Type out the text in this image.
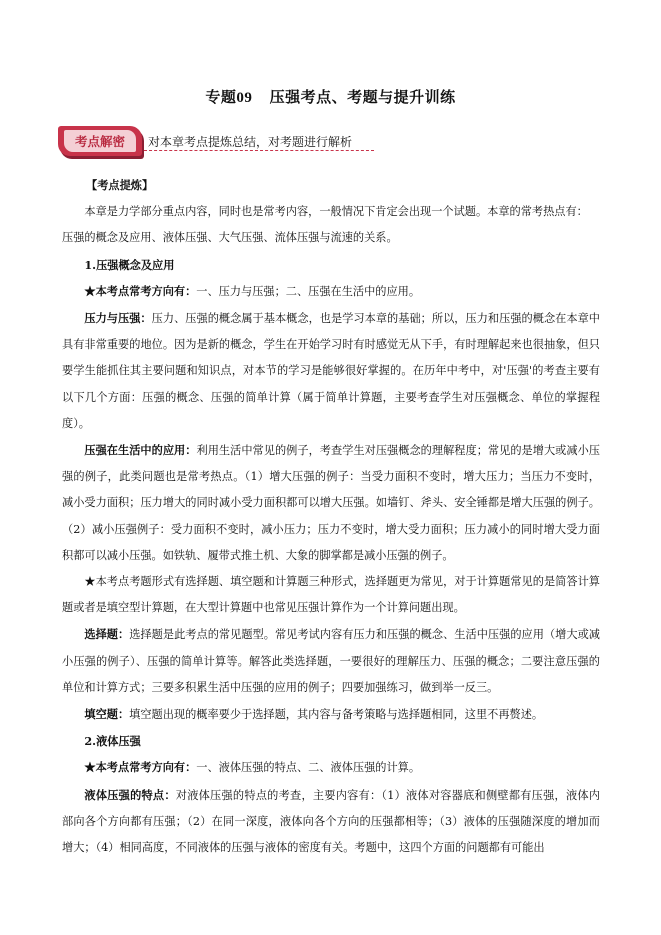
专题09 压强考点、考题与提升训练
考点解密	对本章考点提炼总结，对考题进行解析

【考点提炼】

本章是力学部分重点内容，同时也是常考内容，一般情况下肯定会出现一个试题。本章的常考热点有：

压强的概念及应用、液体压强、大气压强、流体压强与流速的关系。

1.压强概念及应用

★本考点常考方向有：一、压力与压强；二、压强在生活中的应用。

压力与压强：压力、压强的概念属于基本概念，也是学习本章的基础；所以，压力和压强的概念在本章中具有非常重要的地位。因为是新的概念，学生在开始学习时有时感觉无从下手，有时理解起来也很抽象，但只要学生能抓住其主要问题和知识点，对本节的学习是能够很好掌握的。在历年中考中，对'压强'的考查主要有以下几个方面：压强的概念、压强的简单计算（属于简单计算题，主要考查学生对压强概念、单位的掌握程度）。

压强在生活中的应用：利用生活中常见的例子，考查学生对压强概念的理解程度；常见的是增大或减小压强的例子，此类问题也是常考热点。（1）增大压强的例子：当受力面积不变时，增大压力；当压力不变时，减小受力面积；压力增大的同时减小受力面积都可以增大压强。如墙钉、斧头、安全锤都是增大压强的例子。（2）减小压强例子：受力面积不变时，减小压力；压力不变时，增大受力面积；压力减小的同时增大受力面积都可以减小压强。如铁轨、履带式推土机、大象的脚掌都是减小压强的例子。

★本考点考题形式有选择题、填空题和计算题三种形式，选择题更为常见，对于计算题常见的是简答计算题或者是填空型计算题，在大型计算题中也常见压强计算作为一个计算问题出现。

选择题：选择题是此考点的常见题型。常见考试内容有压力和压强的概念、生活中压强的应用（增大或减小压强的例子）、压强的简单计算等。解答此类选择题，一要很好的理解压力、压强的概念；二要注意压强的单位和计算方式；三要多积累生活中压强的应用的例子；四要加强练习，做到举一反三。

填空题：填空题出现的概率要少于选择题，其内容与备考策略与选择题相同，这里不再赘述。

2.液体压强

★本考点常考方向有：一、液体压强的特点、二、液体压强的计算。

液体压强的特点：对液体压强的特点的考查，主要内容有：（1）液体对容器底和侧壁都有压强，液体内部向各个方向都有压强；（2）在同一深度，液体向各个方向的压强都相等；（3）液体的压强随深度的增加而增大；（4）相同高度，不同液体的压强与液体的密度有关。考题中，这四个方面的问题都有可能出
